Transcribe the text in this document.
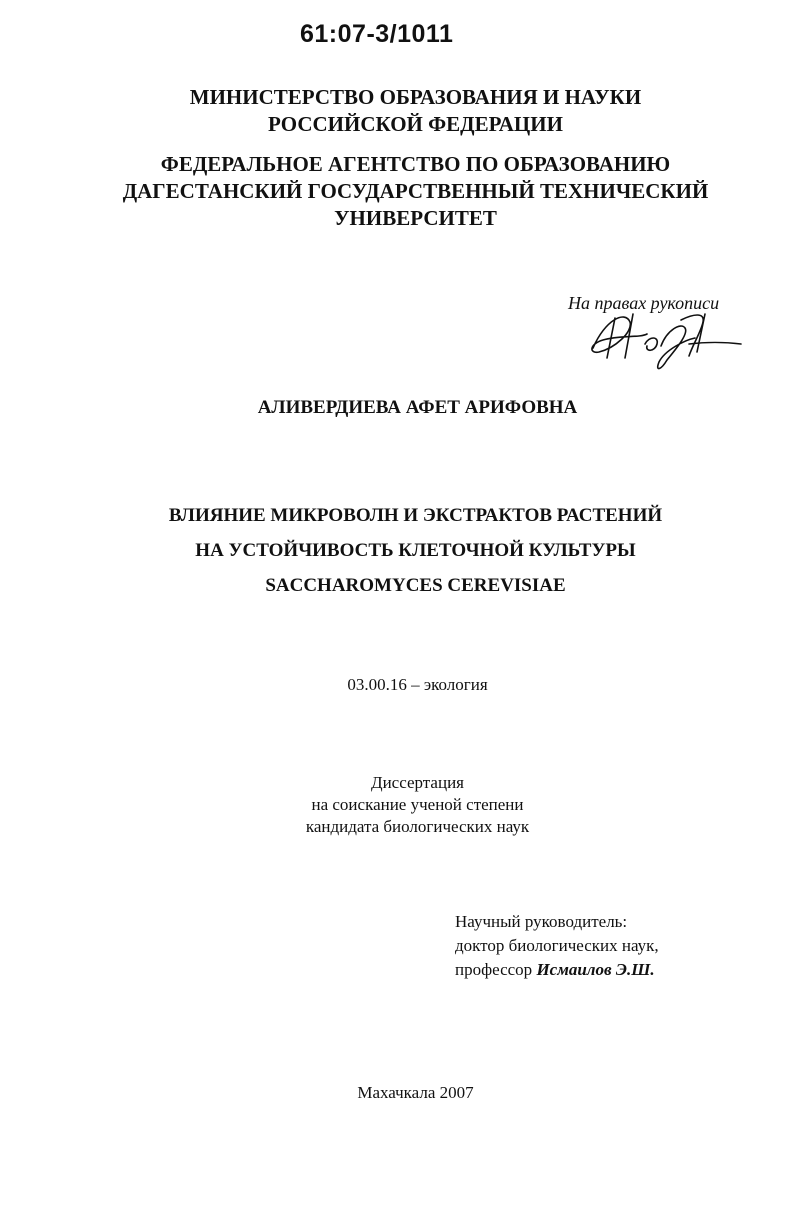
61:07-3/1011
МИНИСТЕРСТВО ОБРАЗОВАНИЯ И НАУКИ
РОССИЙСКОЙ ФЕДЕРАЦИИ
ФЕДЕРАЛЬНОЕ АГЕНТСТВО ПО ОБРАЗОВАНИЮ
ДАГЕСТАНСКИЙ ГОСУДАРСТВЕННЫЙ ТЕХНИЧЕСКИЙ
УНИВЕРСИТЕТ
На правах рукописи
АЛИВЕРДИЕВА АФЕТ АРИФОВНА
ВЛИЯНИЕ МИКРОВОЛН И ЭКСТРАКТОВ РАСТЕНИЙ
НА УСТОЙЧИВОСТЬ КЛЕТОЧНОЙ КУЛЬТУРЫ
SACCHAROMYCES CEREVISIAE
03.00.16 – экология
Диссертация
на соискание ученой степени
кандидата биологических наук
Научный руководитель:
доктор биологических наук,
профессор Исмаилов Э.Ш.
Махачкала 2007
